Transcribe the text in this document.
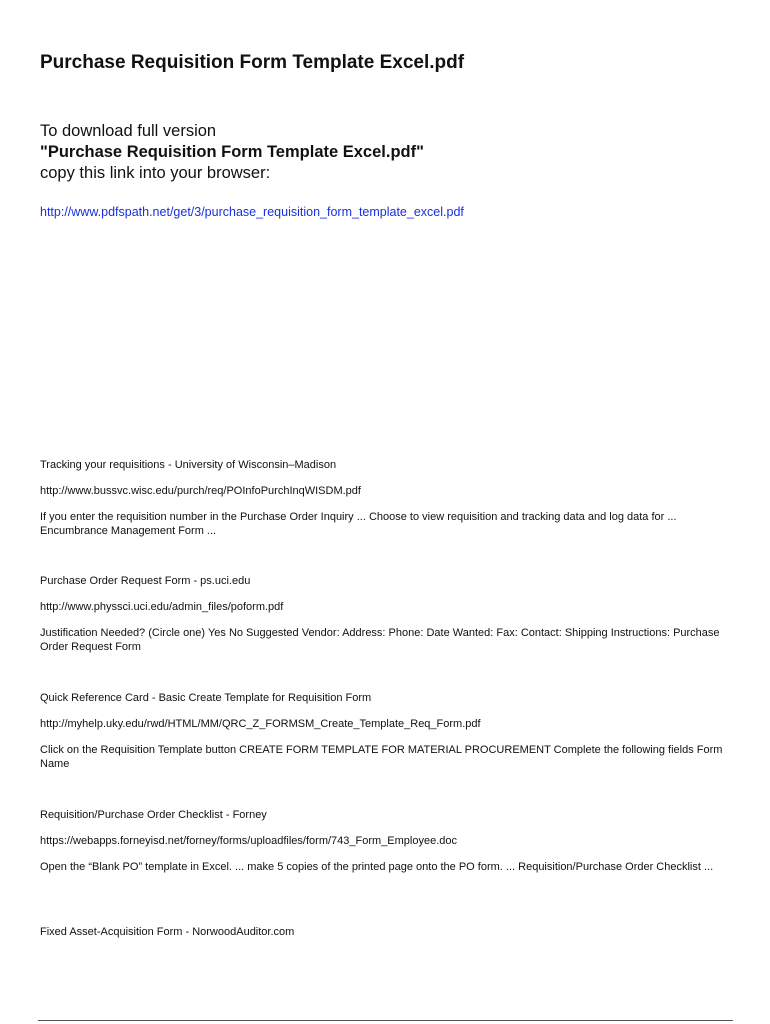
Purchase Requisition Form Template Excel.pdf
To download full version
"Purchase Requisition Form Template Excel.pdf"
copy this link into your browser:
http://www.pdfspath.net/get/3/purchase_requisition_form_template_excel.pdf
Tracking your requisitions - University of Wisconsin–Madison
http://www.bussvc.wisc.edu/purch/req/POInfoPurchInqWISDM.pdf
If you enter the requisition number in the Purchase Order Inquiry ... Choose to view requisition and tracking data and log data for ... Encumbrance Management Form ...
Purchase Order Request Form - ps.uci.edu
http://www.physsci.uci.edu/admin_files/poform.pdf
Justification Needed? (Circle one) Yes No Suggested Vendor: Address: Phone: Date Wanted: Fax: Contact: Shipping Instructions: Purchase Order Request Form
Quick Reference Card - Basic Create Template for Requisition Form
http://myhelp.uky.edu/rwd/HTML/MM/QRC_Z_FORMSM_Create_Template_Req_Form.pdf
Click on the Requisition Template button CREATE FORM TEMPLATE FOR MATERIAL PROCUREMENT Complete the following fields Form Name
Requisition/Purchase Order Checklist - Forney
https://webapps.forneyisd.net/forney/forms/uploadfiles/form/743_Form_Employee.doc
Open the “Blank PO” template in Excel. ... make 5 copies of the printed page onto the PO form. ... Requisition/Purchase Order Checklist ...
Fixed Asset-Acquisition Form - NorwoodAuditor.com
